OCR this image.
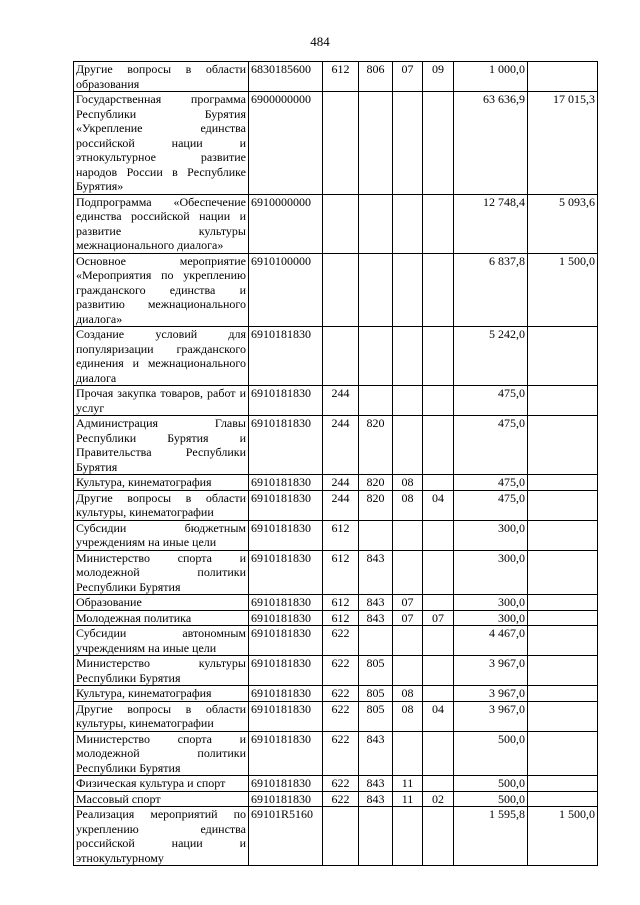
484
Другие вопросы в области образования	6830185600	612	806	07	09	1 000,0	
Государственная программа Республики Бурятия «Укрепление единства российской нации и этнокультурное развитие народов России в Республике Бурятия»	6900000000					63 636,9	17 015,3
Подпрограмма «Обеспечение единства российской нации и развитие культуры межнационального диалога»	6910000000					12 748,4	5 093,6
Основное мероприятие «Мероприятия по укреплению гражданского единства и развитию межнационального диалога»	6910100000					6 837,8	1 500,0
Создание условий для популяризации гражданского единения и межнационального диалога	6910181830					5 242,0	
Прочая закупка товаров, работ и услуг	6910181830	244				475,0	
Администрация Главы Республики Бурятия и Правительства Республики Бурятия	6910181830	244	820			475,0	
Культура, кинематография	6910181830	244	820	08		475,0	
Другие вопросы в области культуры, кинематографии	6910181830	244	820	08	04	475,0	
Субсидии бюджетным учреждениям на иные цели	6910181830	612				300,0	
Министерство спорта и молодежной политики Республики Бурятия	6910181830	612	843			300,0	
Образование	6910181830	612	843	07		300,0	
Молодежная политика	6910181830	612	843	07	07	300,0	
Субсидии автономным учреждениям на иные цели	6910181830	622				4 467,0	
Министерство культуры Республики Бурятия	6910181830	622	805			3 967,0	
Культура, кинематография	6910181830	622	805	08		3 967,0	
Другие вопросы в области культуры, кинематографии	6910181830	622	805	08	04	3 967,0	
Министерство спорта и молодежной политики Республики Бурятия	6910181830	622	843			500,0	
Физическая культура и спорт	6910181830	622	843	11		500,0	
Массовый спорт	6910181830	622	843	11	02	500,0	
Реализация мероприятий по укреплению единства российской нации и этнокультурному	69101R5160					1 595,8	1 500,0
